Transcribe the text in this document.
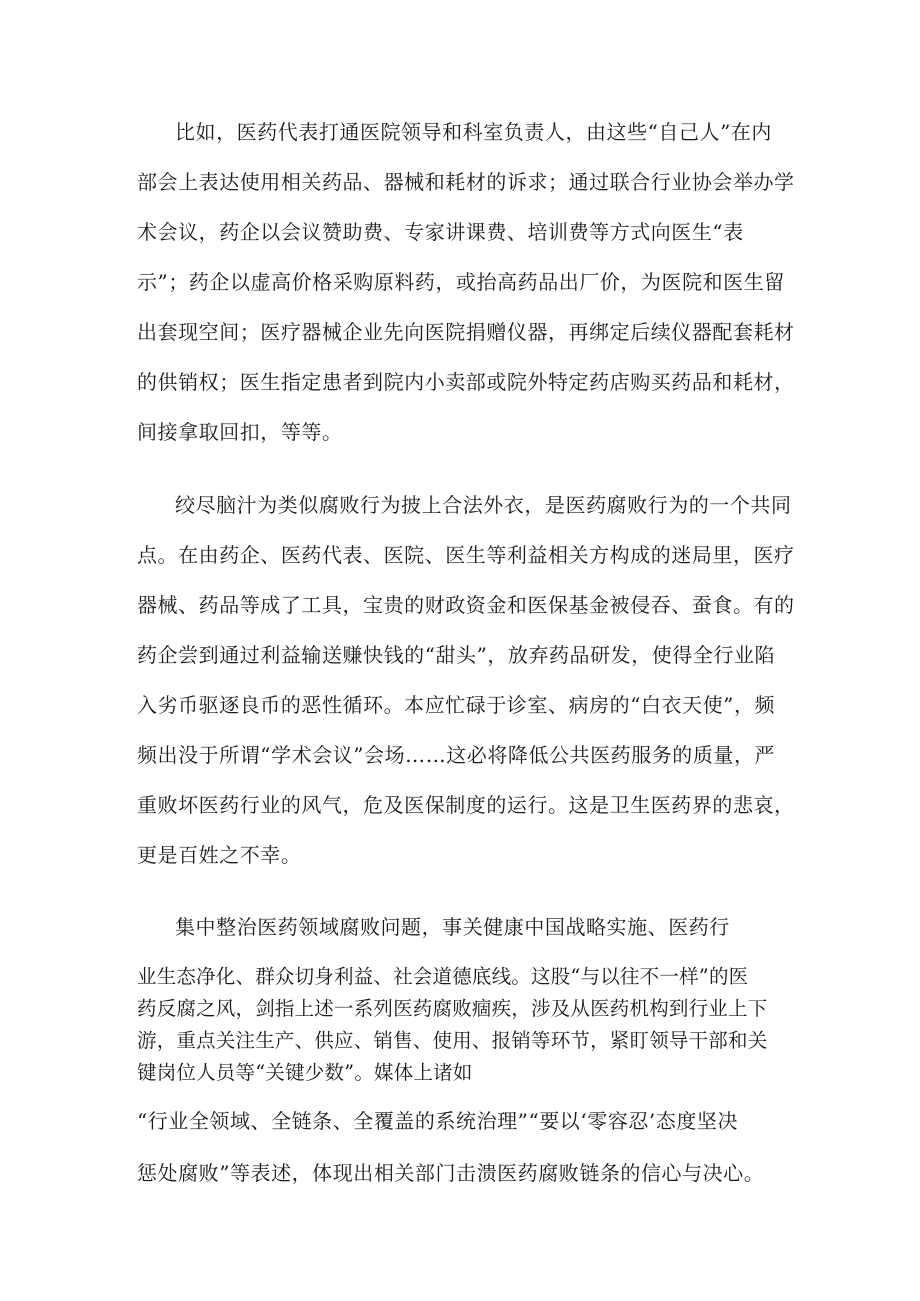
比如，医药代表打通医院领导和科室负责人，由这些“自己人”在内
部会上表达使用相关药品、器械和耗材的诉求；通过联合行业协会举办学
术会议，药企以会议赞助费、专家讲课费、培训费等方式向医生“表
示”；药企以虚高价格采购原料药，或抬高药品出厂价，为医院和医生留
出套现空间；医疗器械企业先向医院捐赠仪器，再绑定后续仪器配套耗材
的供销权；医生指定患者到院内小卖部或院外特定药店购买药品和耗材，
间接拿取回扣，等等。
绞尽脑汁为类似腐败行为披上合法外衣，是医药腐败行为的一个共同
点。在由药企、医药代表、医院、医生等利益相关方构成的迷局里，医疗
器械、药品等成了工具，宝贵的财政资金和医保基金被侵吞、蚕食。有的
药企尝到通过利益输送赚快钱的“甜头”，放弃药品研发，使得全行业陷
入劣币驱逐良币的恶性循环。本应忙碌于诊室、病房的“白衣天使”，频
频出没于所谓“学术会议”会场……这必将降低公共医药服务的质量，严
重败坏医药行业的风气，危及医保制度的运行。这是卫生医药界的悲哀，
更是百姓之不幸。
集中整治医药领域腐败问题，事关健康中国战略实施、医药行
业生态净化、群众切身利益、社会道德底线。这股“与以往不一样”的医
药反腐之风，剑指上述一系列医药腐败痼疾，涉及从医药机构到行业上下
游，重点关注生产、供应、销售、使用、报销等环节，紧盯领导干部和关
键岗位人员等“关键少数”。媒体上诸如
“行业全领域、全链条、全覆盖的系统治理”“要以‘零容忍’态度坚决
惩处腐败”等表述，体现出相关部门击溃医药腐败链条的信心与决心。
